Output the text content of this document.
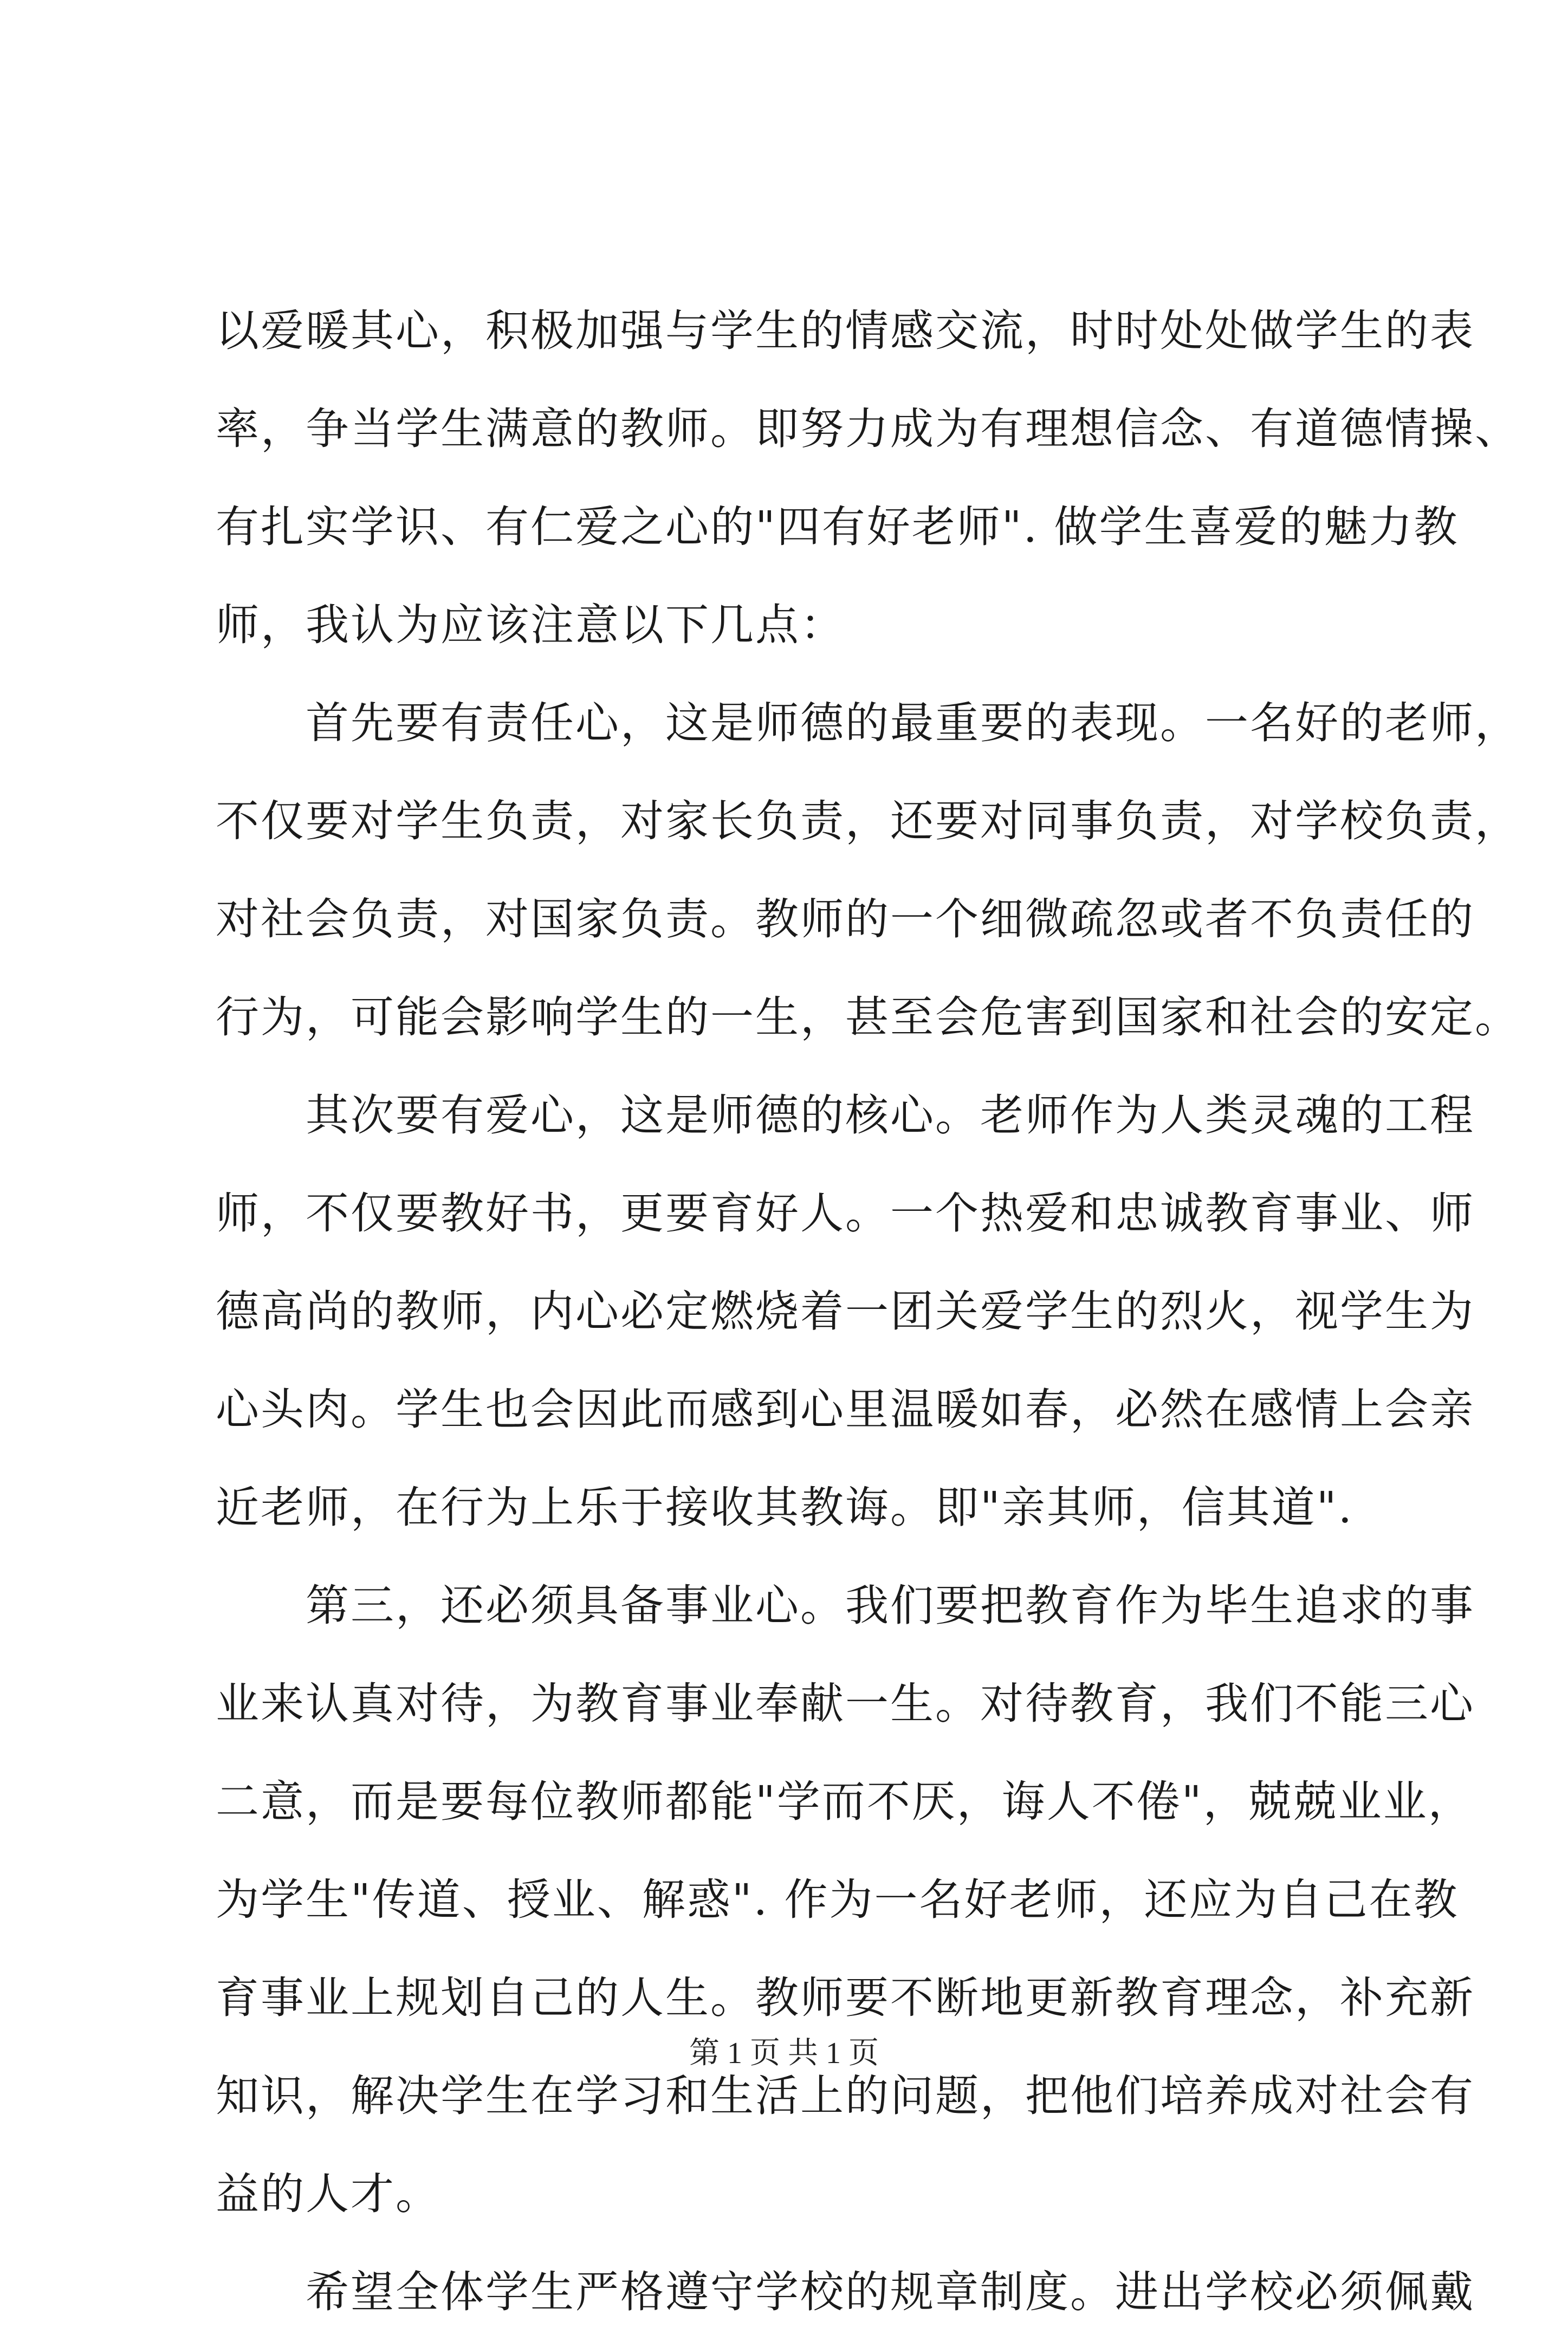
以爱暖其心，积极加强与学生的情感交流，时时处处做学生的表
率，争当学生满意的教师。即努力成为有理想信念、有道德情操、
有扎实学识、有仁爱之心的"四有好老师". 做学生喜爱的魅力教
师，我认为应该注意以下几点：
　　首先要有责任心，这是师德的最重要的表现。一名好的老师，
不仅要对学生负责，对家长负责，还要对同事负责，对学校负责，
对社会负责，对国家负责。教师的一个细微疏忽或者不负责任的
行为，可能会影响学生的一生，甚至会危害到国家和社会的安定。
　　其次要有爱心，这是师德的核心。老师作为人类灵魂的工程
师，不仅要教好书，更要育好人。一个热爱和忠诚教育事业、师
德高尚的教师，内心必定燃烧着一团关爱学生的烈火，视学生为
心头肉。学生也会因此而感到心里温暖如春，必然在感情上会亲
近老师，在行为上乐于接收其教诲。即"亲其师，信其道".
　　第三，还必须具备事业心。我们要把教育作为毕生追求的事
业来认真对待，为教育事业奉献一生。对待教育，我们不能三心
二意，而是要每位教师都能"学而不厌，诲人不倦"，兢兢业业，
为学生"传道、授业、解惑". 作为一名好老师，还应为自己在教
育事业上规划自己的人生。教师要不断地更新教育理念，补充新
知识，解决学生在学习和生活上的问题，把他们培养成对社会有
益的人才。
　　希望全体学生严格遵守学校的规章制度。进出学校必须佩戴
第 1 页 共 1 页
